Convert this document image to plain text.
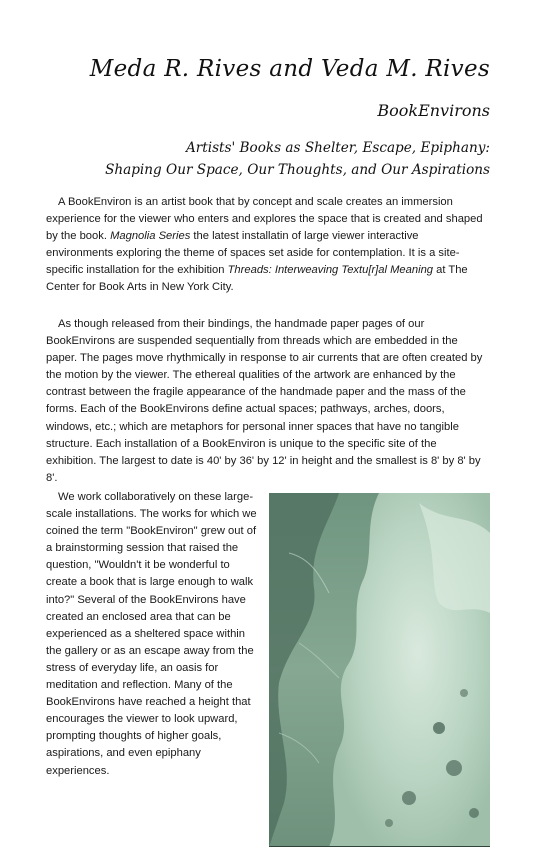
Meda R. Rives and Veda M. Rives
BookEnvirons
Artists' Books as Shelter, Escape, Epiphany:
Shaping Our Space, Our Thoughts, and Our Aspirations

A BookEnviron is an artist book that by concept and scale creates an immersion experience for the viewer who enters and explores the space that is created and shaped by the book. Magnolia Series the latest installatin of large viewer interactive environments exploring the theme of spaces set aside for contemplation. It is a site- specific installation for the exhibition Threads: Interweaving Textu[r]al Meaning at The Center for Book Arts in New York City.

As though released from their bindings, the handmade paper pages of our BookEnvirons are suspended sequentially from threads which are embedded in the paper. The pages move rhythmically in response to air currents that are often created by the motion by the viewer. The ethereal qualities of the artwork are enhanced by the contrast between the fragile appearance of the handmade paper and the mass of the forms. Each of the BookEnvirons define actual spaces; pathways, arches, doors, windows, etc.; which are metaphors for personal inner spaces that have no tangible structure. Each installation of a BookEnviron is unique to the specific site of the exhibition. The largest to date is 40' by 36' by 12' in height and the smallest is 8' by 8' by 8'.

We work collaboratively on these large-scale installations. The works for which we coined the term "BookEnviron" grew out of a brainstorming session that raised the question, "Wouldn't it be wonderful to create a book that is large enough to walk into?" Several of the BookEnvirons have created an enclosed area that can be experienced as a sheltered space within the gallery or as an escape away from the stress of everyday life, an oasis for meditation and reflection. Many of the BookEnvirons have reached a height that encourages the viewer to look upward, prompting thoughts of higher goals, aspirations, and even epiphany experiences.
